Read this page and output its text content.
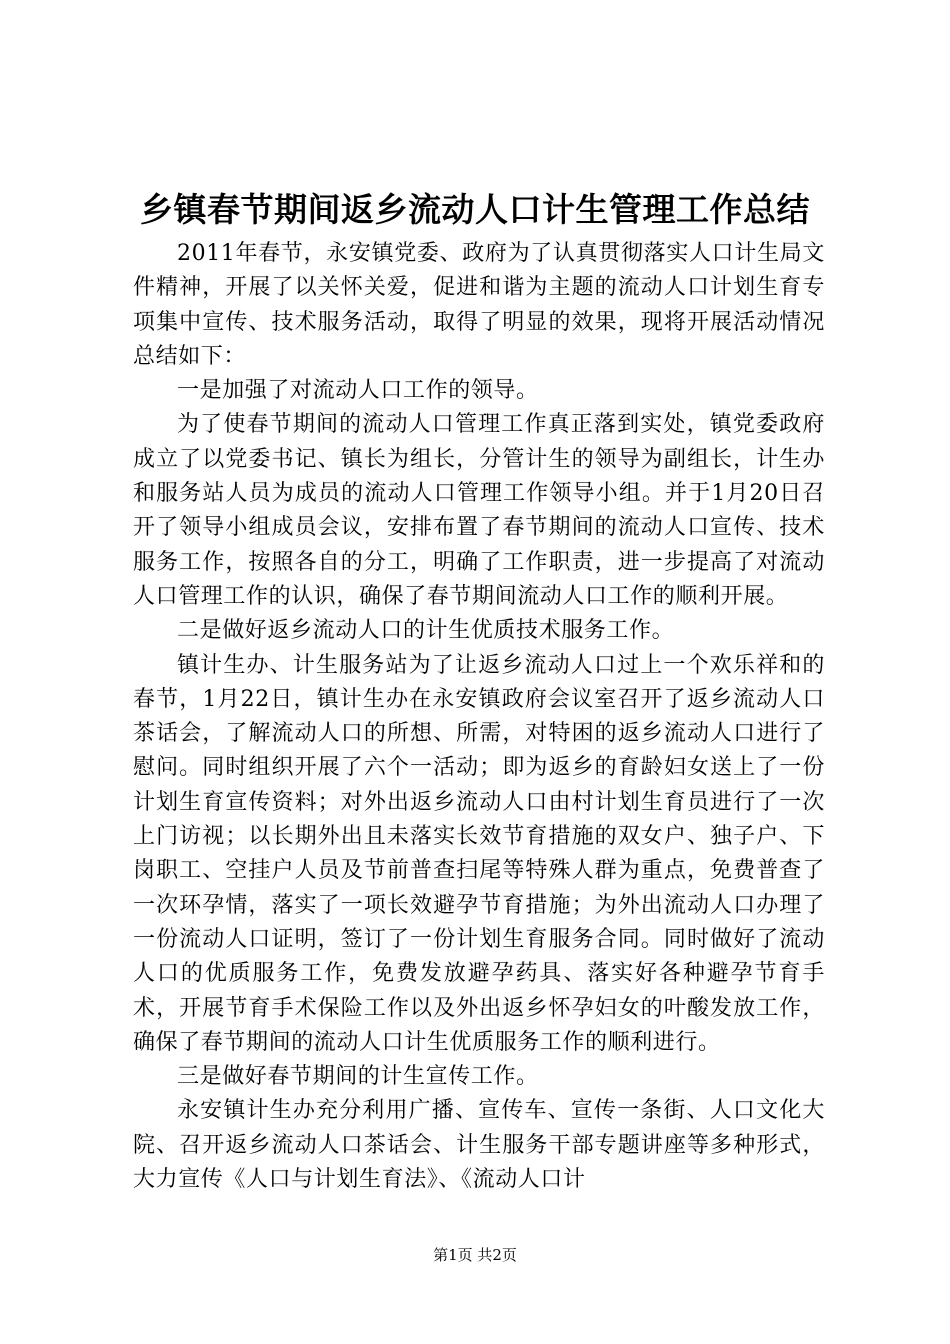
乡镇春节期间返乡流动人口计生管理工作总结

2011年春节，永安镇党委、政府为了认真贯彻落实人口计生局文件精神，开展了以关怀关爱，促进和谐为主题的流动人口计划生育专项集中宣传、技术服务活动，取得了明显的效果，现将开展活动情况总结如下：

一是加强了对流动人口工作的领导。

为了使春节期间的流动人口管理工作真正落到实处，镇党委政府成立了以党委书记、镇长为组长，分管计生的领导为副组长，计生办和服务站人员为成员的流动人口管理工作领导小组。并于1月20日召开了领导小组成员会议，安排布置了春节期间的流动人口宣传、技术服务工作，按照各自的分工，明确了工作职责，进一步提高了对流动人口管理工作的认识，确保了春节期间流动人口工作的顺利开展。

二是做好返乡流动人口的计生优质技术服务工作。

镇计生办、计生服务站为了让返乡流动人口过上一个欢乐祥和的春节，1月22日，镇计生办在永安镇政府会议室召开了返乡流动人口茶话会，了解流动人口的所想、所需，对特困的返乡流动人口进行了慰问。同时组织开展了六个一活动；即为返乡的育龄妇女送上了一份计划生育宣传资料；对外出返乡流动人口由村计划生育员进行了一次上门访视；以长期外出且未落实长效节育措施的双女户、独子户、下岗职工、空挂户人员及节前普查扫尾等特殊人群为重点，免费普查了一次环孕情，落实了一项长效避孕节育措施；为外出流动人口办理了一份流动人口证明，签订了一份计划生育服务合同。同时做好了流动人口的优质服务工作，免费发放避孕药具、落实好各种避孕节育手术，开展节育手术保险工作以及外出返乡怀孕妇女的叶酸发放工作，确保了春节期间的流动人口计生优质服务工作的顺利进行。

三是做好春节期间的计生宣传工作。

永安镇计生办充分利用广播、宣传车、宣传一条街、人口文化大院、召开返乡流动人口茶话会、计生服务干部专题讲座等多种形式，大力宣传《人口与计划生育法》、《流动人口计

第1页 共2页
